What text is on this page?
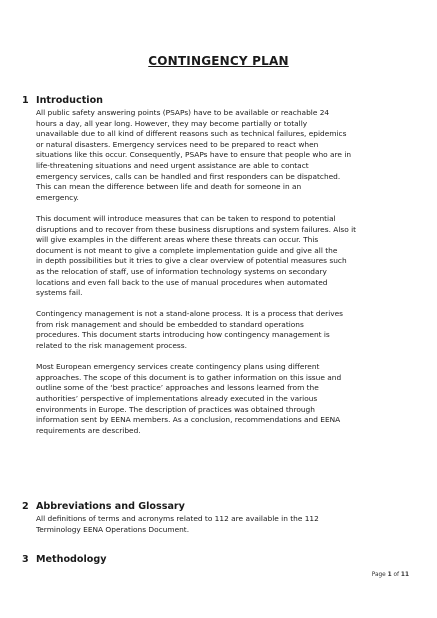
CONTINGENCY PLAN
1 Introduction

All public safety answering points (PSAPs) have to be available or reachable 24
hours a day, all year long. However, they may become partially or totally
unavailable due to all kind of different reasons such as technical failures, epidemics
or natural disasters. Emergency services need to be prepared to react when
situations like this occur. Consequently, PSAPs have to ensure that people who are in
life-threatening situations and need urgent assistance are able to contact
emergency services, calls can be handled and first responders can be dispatched.
This can mean the difference between life and death for someone in an
emergency.

This document will introduce measures that can be taken to respond to potential
disruptions and to recover from these business disruptions and system failures. Also it
will give examples in the different areas where these threats can occur. This
document is not meant to give a complete implementation guide and give all the
in depth possibilities but it tries to give a clear overview of potential measures such
as the relocation of staff, use of information technology systems on secondary
locations and even fall back to the use of manual procedures when automated
systems fail.

Contingency management is not a stand-alone process. It is a process that derives
from risk management and should be embedded to standard operations
procedures. This document starts introducing how contingency management is
related to the risk management process.

Most European emergency services create contingency plans using different
approaches. The scope of this document is to gather information on this issue and
outline some of the ‘best practice’ approaches and lessons learned from the
authorities’ perspective of implementations already executed in the various
environments in Europe. The description of practices was obtained through
information sent by EENA members. As a conclusion, recommendations and EENA
requirements are described.

2 Abbreviations and Glossary

All definitions of terms and acronyms related to 112 are available in the 112
Terminology EENA Operations Document.

3 Methodology
Page 1 of 11
